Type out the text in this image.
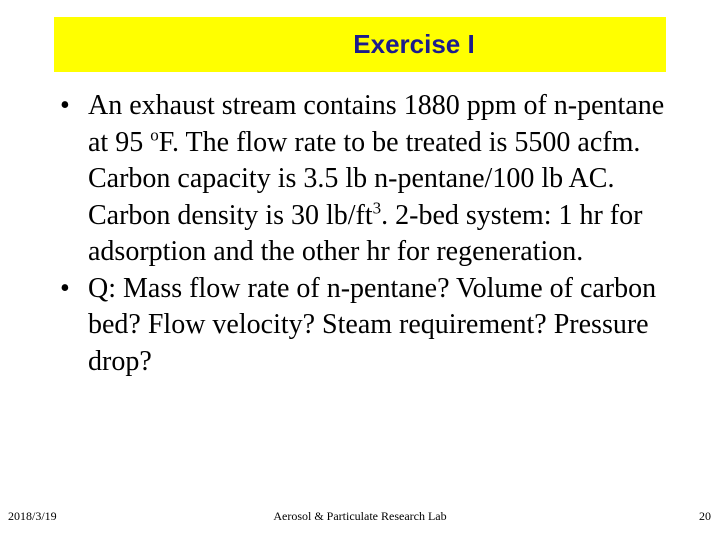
Exercise I
• An exhaust stream contains 1880 ppm of n-pentane at 95 $^o$F. The flow rate to be treated is 5500 acfm. Carbon capacity is 3.5 lb n-pentane/100 lb AC. Carbon density is 30 $lb/ft^3$. 2-bed system: 1 hr for adsorption and the other hr for regeneration.
• Q: Mass flow rate of n-pentane? Volume of carbon bed? Flow velocity? Steam requirement? Pressure drop?
2018/3/19	Aerosol & Particulate Research Lab	20
